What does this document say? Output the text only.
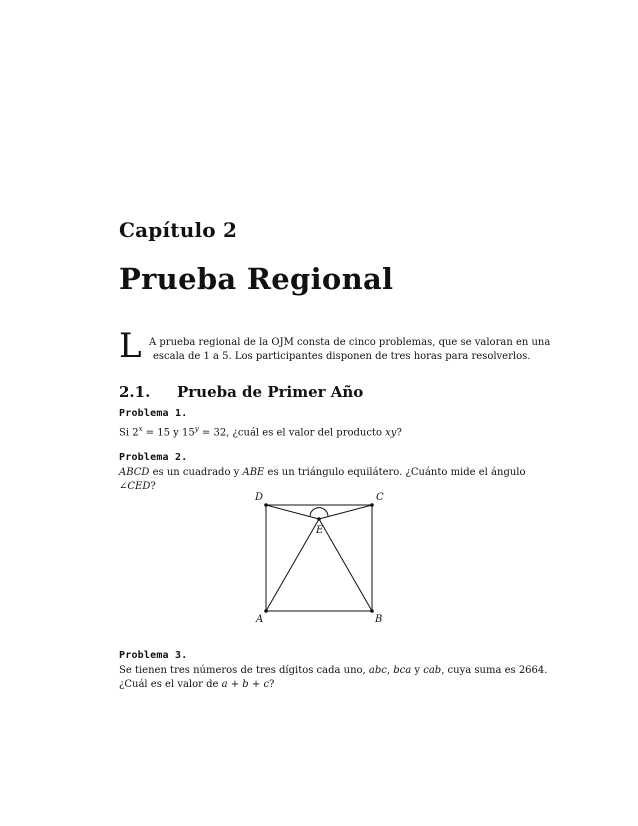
Capítulo 2
Prueba Regional
L A prueba regional de la OJM consta de cinco problemas, que se valoran en una
escala de 1 a 5. Los participantes disponen de tres horas para resolverlos.
2.1. Prueba de Primer Año
Problema 1.
Si $2^x = 15$ y $15^y = 32$, ¿cuál es el valor del producto xy?
Problema 2.
ABCD es un cuadrado y ABE es un triángulo equilátero. ¿Cuánto mide el ángulo
∠CED?
D	C
E
A	B
Problema 3.
Se tienen tres números de tres dígitos cada uno, abc, bca y cab, cuya suma es 2664.
¿Cuál es el valor de a + b + c?
